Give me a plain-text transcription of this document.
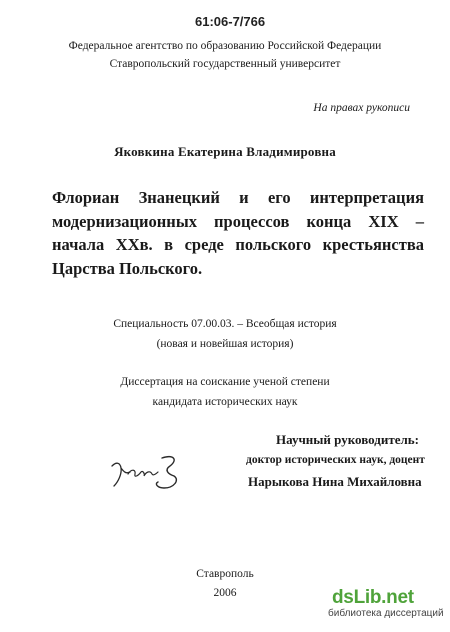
61:06-7/766
Федеральное агентство по образованию Российской Федерации
Ставропольский государственный университет
На правах рукописи
Яковкина Екатерина Владимировна
Флориан Знанецкий и его интерпретация модернизационных процессов конца XIX – начала XXв. в среде польского крестьянства Царства Польского.
Специальность 07.00.03. – Всеобщая история
(новая и новейшая история)
Диссертация на соискание ученой степени
кандидата исторических наук
Научный руководитель:
доктор исторических наук, доцент
Нарыкова Нина Михайловна
Ставрополь
2006	dsLib.net
библиотека диссертаций
